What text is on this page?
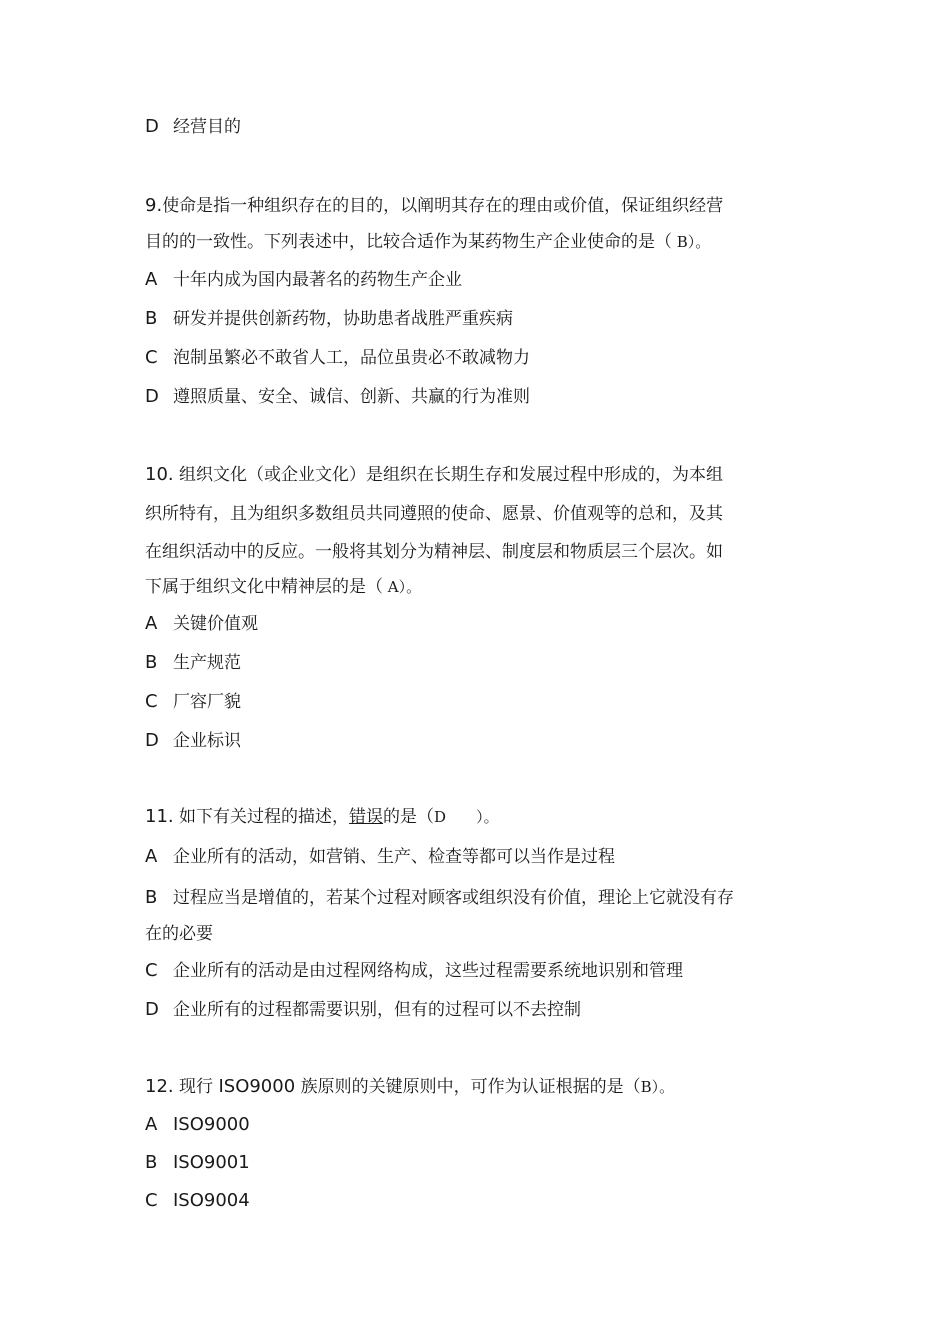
D 经营目的
9.使命是指一种组织存在的目的，以阐明其存在的理由或价值，保证组织经营
目的的一致性。下列表述中，比较合适作为某药物生产企业使命的是（ B）。
A 十年内成为国内最著名的药物生产企业
B 研发并提供创新药物，协助患者战胜严重疾病
C 泡制虽繁必不敢省人工，品位虽贵必不敢减物力
D 遵照质量、安全、诚信、创新、共赢的行为准则
10. 组织文化（或企业文化）是组织在长期生存和发展过程中形成的，为本组
织所特有，且为组织多数组员共同遵照的使命、愿景、价值观等的总和，及其
在组织活动中的反应。一般将其划分为精神层、制度层和物质层三个层次。如
下属于组织文化中精神层的是（ A）。
A 关键价值观
B 生产规范
C 厂容厂貌
D 企业标识
11. 如下有关过程的描述，错误的是（D　　）。
A 企业所有的活动，如营销、生产、检查等都可以当作是过程
B 过程应当是增值的，若某个过程对顾客或组织没有价值，理论上它就没有存
在的必要
C 企业所有的活动是由过程网络构成，这些过程需要系统地识别和管理
D 企业所有的过程都需要识别，但有的过程可以不去控制
12. 现行 ISO9000 族原则的关键原则中，可作为认证根据的是（B）。
A ISO9000
B ISO9001
C ISO9004
